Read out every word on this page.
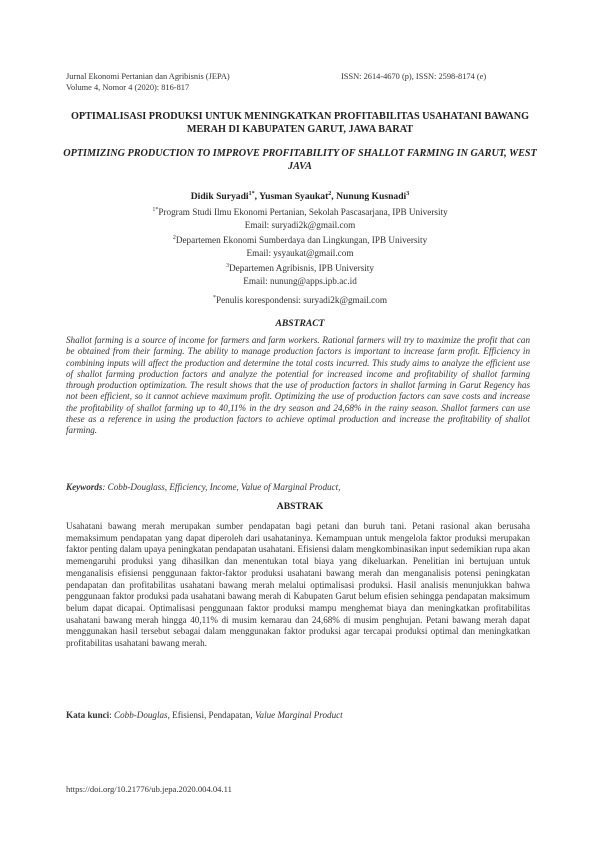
Jurnal Ekonomi Pertanian dan Agribisnis (JEPA)
Volume 4, Nomor 4 (2020): 816-817
ISSN: 2614-4670 (p), ISSN: 2598-8174 (e)
OPTIMALISASI PRODUKSI UNTUK MENINGKATKAN PROFITABILITAS USAHATANI BAWANG MERAH DI KABUPATEN GARUT, JAWA BARAT
OPTIMIZING PRODUCTION TO IMPROVE PROFITABILITY OF SHALLOT FARMING IN GARUT, WEST JAVA
Didik Suryadi$^{1*}$, Yusman Syaukat$^2$, Nunung Kusnadi$^3$
$^{1*}$Program Studi Ilmu Ekonomi Pertanian, Sekolah Pascasarjana, IPB University
Email: suryadi2k@gmail.com
$^2$Departemen Ekonomi Sumberdaya dan Lingkungan, IPB University
Email: ysyaukat@gmail.com
$^3$Departemen Agribisnis, IPB University
Email: nunung@apps.ipb.ac.id
*Penulis korespondensi: suryadi2k@gmail.com
ABSTRACT
Shallot farming is a source of income for farmers and farm workers. Rational farmers will try to maximize the profit that can be obtained from their farming. The ability to manage production factors is important to increase farm profit. Efficiency in combining inputs will affect the production and determine the total costs incurred. This study aims to analyze the efficient use of shallot farming production factors and analyze the potential for increased income and profitability of shallot farming through production optimization. The result shows that the use of production factors in shallot farming in Garut Regency has not been efficient, so it cannot achieve maximum profit. Optimizing the use of production factors can save costs and increase the profitability of shallot farming up to 40,11% in the dry season and 24,68% in the rainy season. Shallot farmers can use these as a reference in using the production factors to achieve optimal production and increase the profitability of shallot farming.
Keywords: Cobb-Douglass, Efficiency, Income, Value of Marginal Product,
ABSTRAK
Usahatani bawang merah merupakan sumber pendapatan bagi petani dan buruh tani. Petani rasional akan berusaha memaksimum pendapatan yang dapat diperoleh dari usahataninya. Kemampuan untuk mengelola faktor produksi merupakan faktor penting dalam upaya peningkatan pendapatan usahatani. Efisiensi dalam mengkombinasikan input sedemikian rupa akan memengaruhi produksi yang dihasilkan dan menentukan total biaya yang dikeluarkan. Penelitian ini bertujuan untuk menganalisis efisiensi penggunaan faktor-faktor produksi usahatani bawang merah dan menganalisis potensi peningkatan pendapatan dan profitabilitas usahatani bawang merah melalui optimalisasi produksi. Hasil analisis menunjukkan bahwa penggunaan faktor produksi pada usahatani bawang merah di Kabupaten Garut belum efisien sehingga pendapatan maksimum belum dapat dicapai. Optimalisasi penggunaan faktor produksi mampu menghemat biaya dan meningkatkan profitabilitas usahatani bawang merah hingga 40,11% di musim kemarau dan 24,68% di musim penghujan. Petani bawang merah dapat menggunakan hasil tersebut sebagai dalam menggunakan faktor produksi agar tercapai produksi optimal dan meningkatkan profitabilitas usahatani bawang merah.
Kata kunci: Cobb-Douglas, Efisiensi, Pendapatan, Value Marginal Product
https://doi.org/10.21776/ub.jepa.2020.004.04.11
